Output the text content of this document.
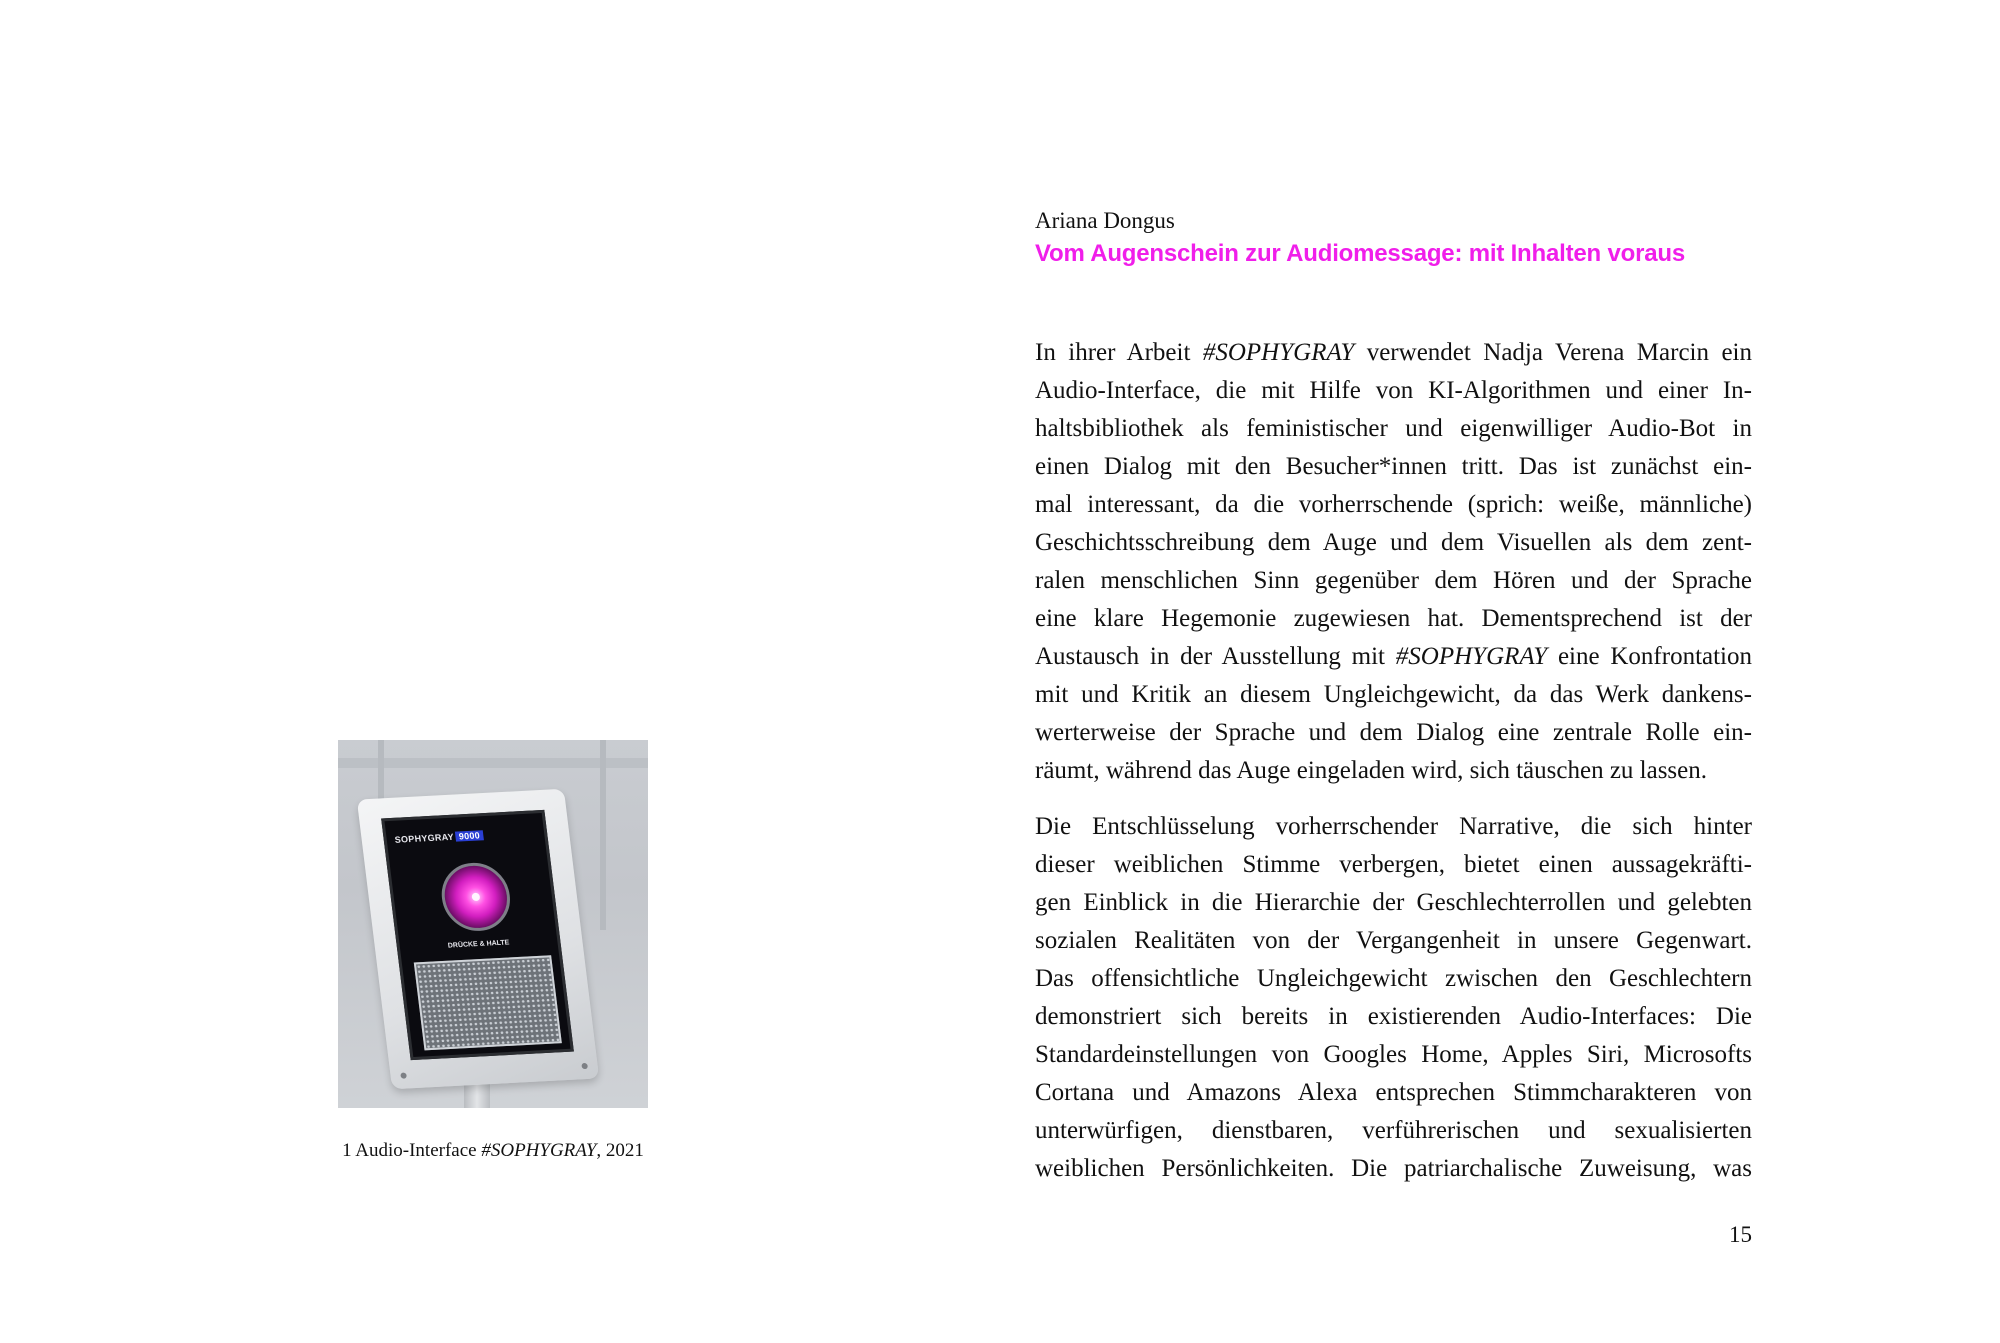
SOPHYGRAY 9000
DRÜCKE & HALTE
1 Audio-Interface #SOPHYGRAY, 2021
Ariana Dongus
Vom Augenschein zur Audiomessage: mit Inhalten voraus
In ihrer Arbeit #SOPHYGRAY verwendet Nadja Verena Marcin ein
Audio-Interface, die mit Hilfe von KI-Algorithmen und einer In-
haltsbibliothek als feministischer und eigenwilliger Audio-Bot in
einen Dialog mit den Besucher*innen tritt. Das ist zunächst ein-
mal interessant, da die vorherrschende (sprich: weiße, männliche)
Geschichtsschreibung dem Auge und dem Visuellen als dem zent-
ralen menschlichen Sinn gegenüber dem Hören und der Sprache
eine klare Hegemonie zugewiesen hat. Dementsprechend ist der
Austausch in der Ausstellung mit #SOPHYGRAY eine Konfrontation
mit und Kritik an diesem Ungleichgewicht, da das Werk dankens-
werterweise der Sprache und dem Dialog eine zentrale Rolle ein-
räumt, während das Auge eingeladen wird, sich täuschen zu lassen.
Die Entschlüsselung vorherrschender Narrative, die sich hinter
dieser weiblichen Stimme verbergen, bietet einen aussagekräfti-
gen Einblick in die Hierarchie der Geschlechterrollen und gelebten
sozialen Realitäten von der Vergangenheit in unsere Gegenwart.
Das offensichtliche Ungleichgewicht zwischen den Geschlechtern
demonstriert sich bereits in existierenden Audio-Interfaces: Die
Standardeinstellungen von Googles Home, Apples Siri, Microsofts
Cortana und Amazons Alexa entsprechen Stimmcharakteren von
unterwürfigen, dienstbaren, verführerischen und sexualisierten
weiblichen Persönlichkeiten. Die patriarchalische Zuweisung, was
15
